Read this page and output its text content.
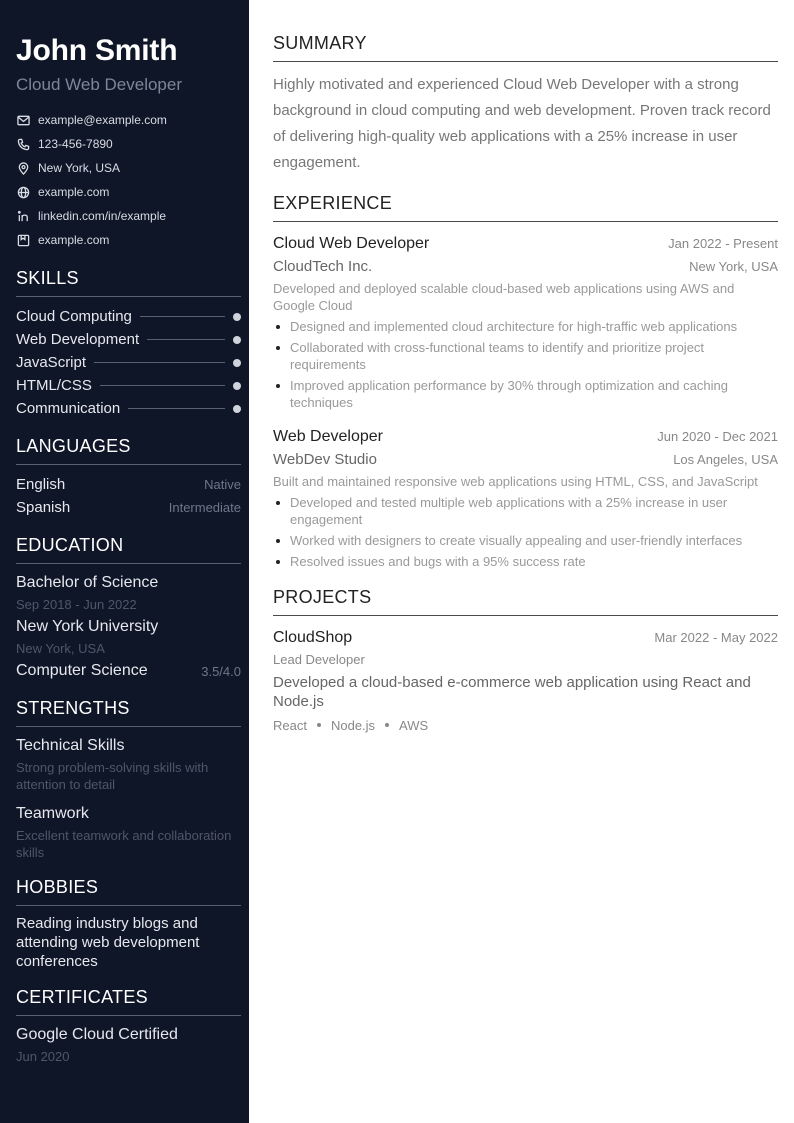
John Smith
Cloud Web Developer
example@example.com
123-456-7890
New York, USA
example.com
linkedin.com/in/example
example.com
SKILLS
Cloud Computing
Web Development
JavaScript
HTML/CSS
Communication
LANGUAGES
English	Native
Spanish	Intermediate
EDUCATION
Bachelor of Science
Sep 2018 - Jun 2022
New York University
New York, USA
Computer Science	3.5/4.0
STRENGTHS
Technical Skills
Strong problem-solving skills with attention to detail
Teamwork
Excellent teamwork and collaboration skills
HOBBIES
Reading industry blogs and attending web development conferences
CERTIFICATES
Google Cloud Certified
Jun 2020
SUMMARY

Highly motivated and experienced Cloud Web Developer with a strong background in cloud computing and web development. Proven track record of delivering high-quality web applications with a 25% increase in user engagement.

EXPERIENCE
Cloud Web Developer	Jan 2022 - Present
CloudTech Inc.	New York, USA
Developed and deployed scalable cloud-based web applications using AWS and Google Cloud
Designed and implemented cloud architecture for high-traffic web applications
Collaborated with cross-functional teams to identify and prioritize project requirements
Improved application performance by 30% through optimization and caching techniques
Web Developer	Jun 2020 - Dec 2021
WebDev Studio	Los Angeles, USA
Built and maintained responsive web applications using HTML, CSS, and JavaScript
Developed and tested multiple web applications with a 25% increase in user engagement
Worked with designers to create visually appealing and user-friendly interfaces
Resolved issues and bugs with a 95% success rate
PROJECTS
CloudShop	Mar 2022 - May 2022
Lead Developer
Developed a cloud-based e-commerce web application using React and Node.js
React Node.js AWS
